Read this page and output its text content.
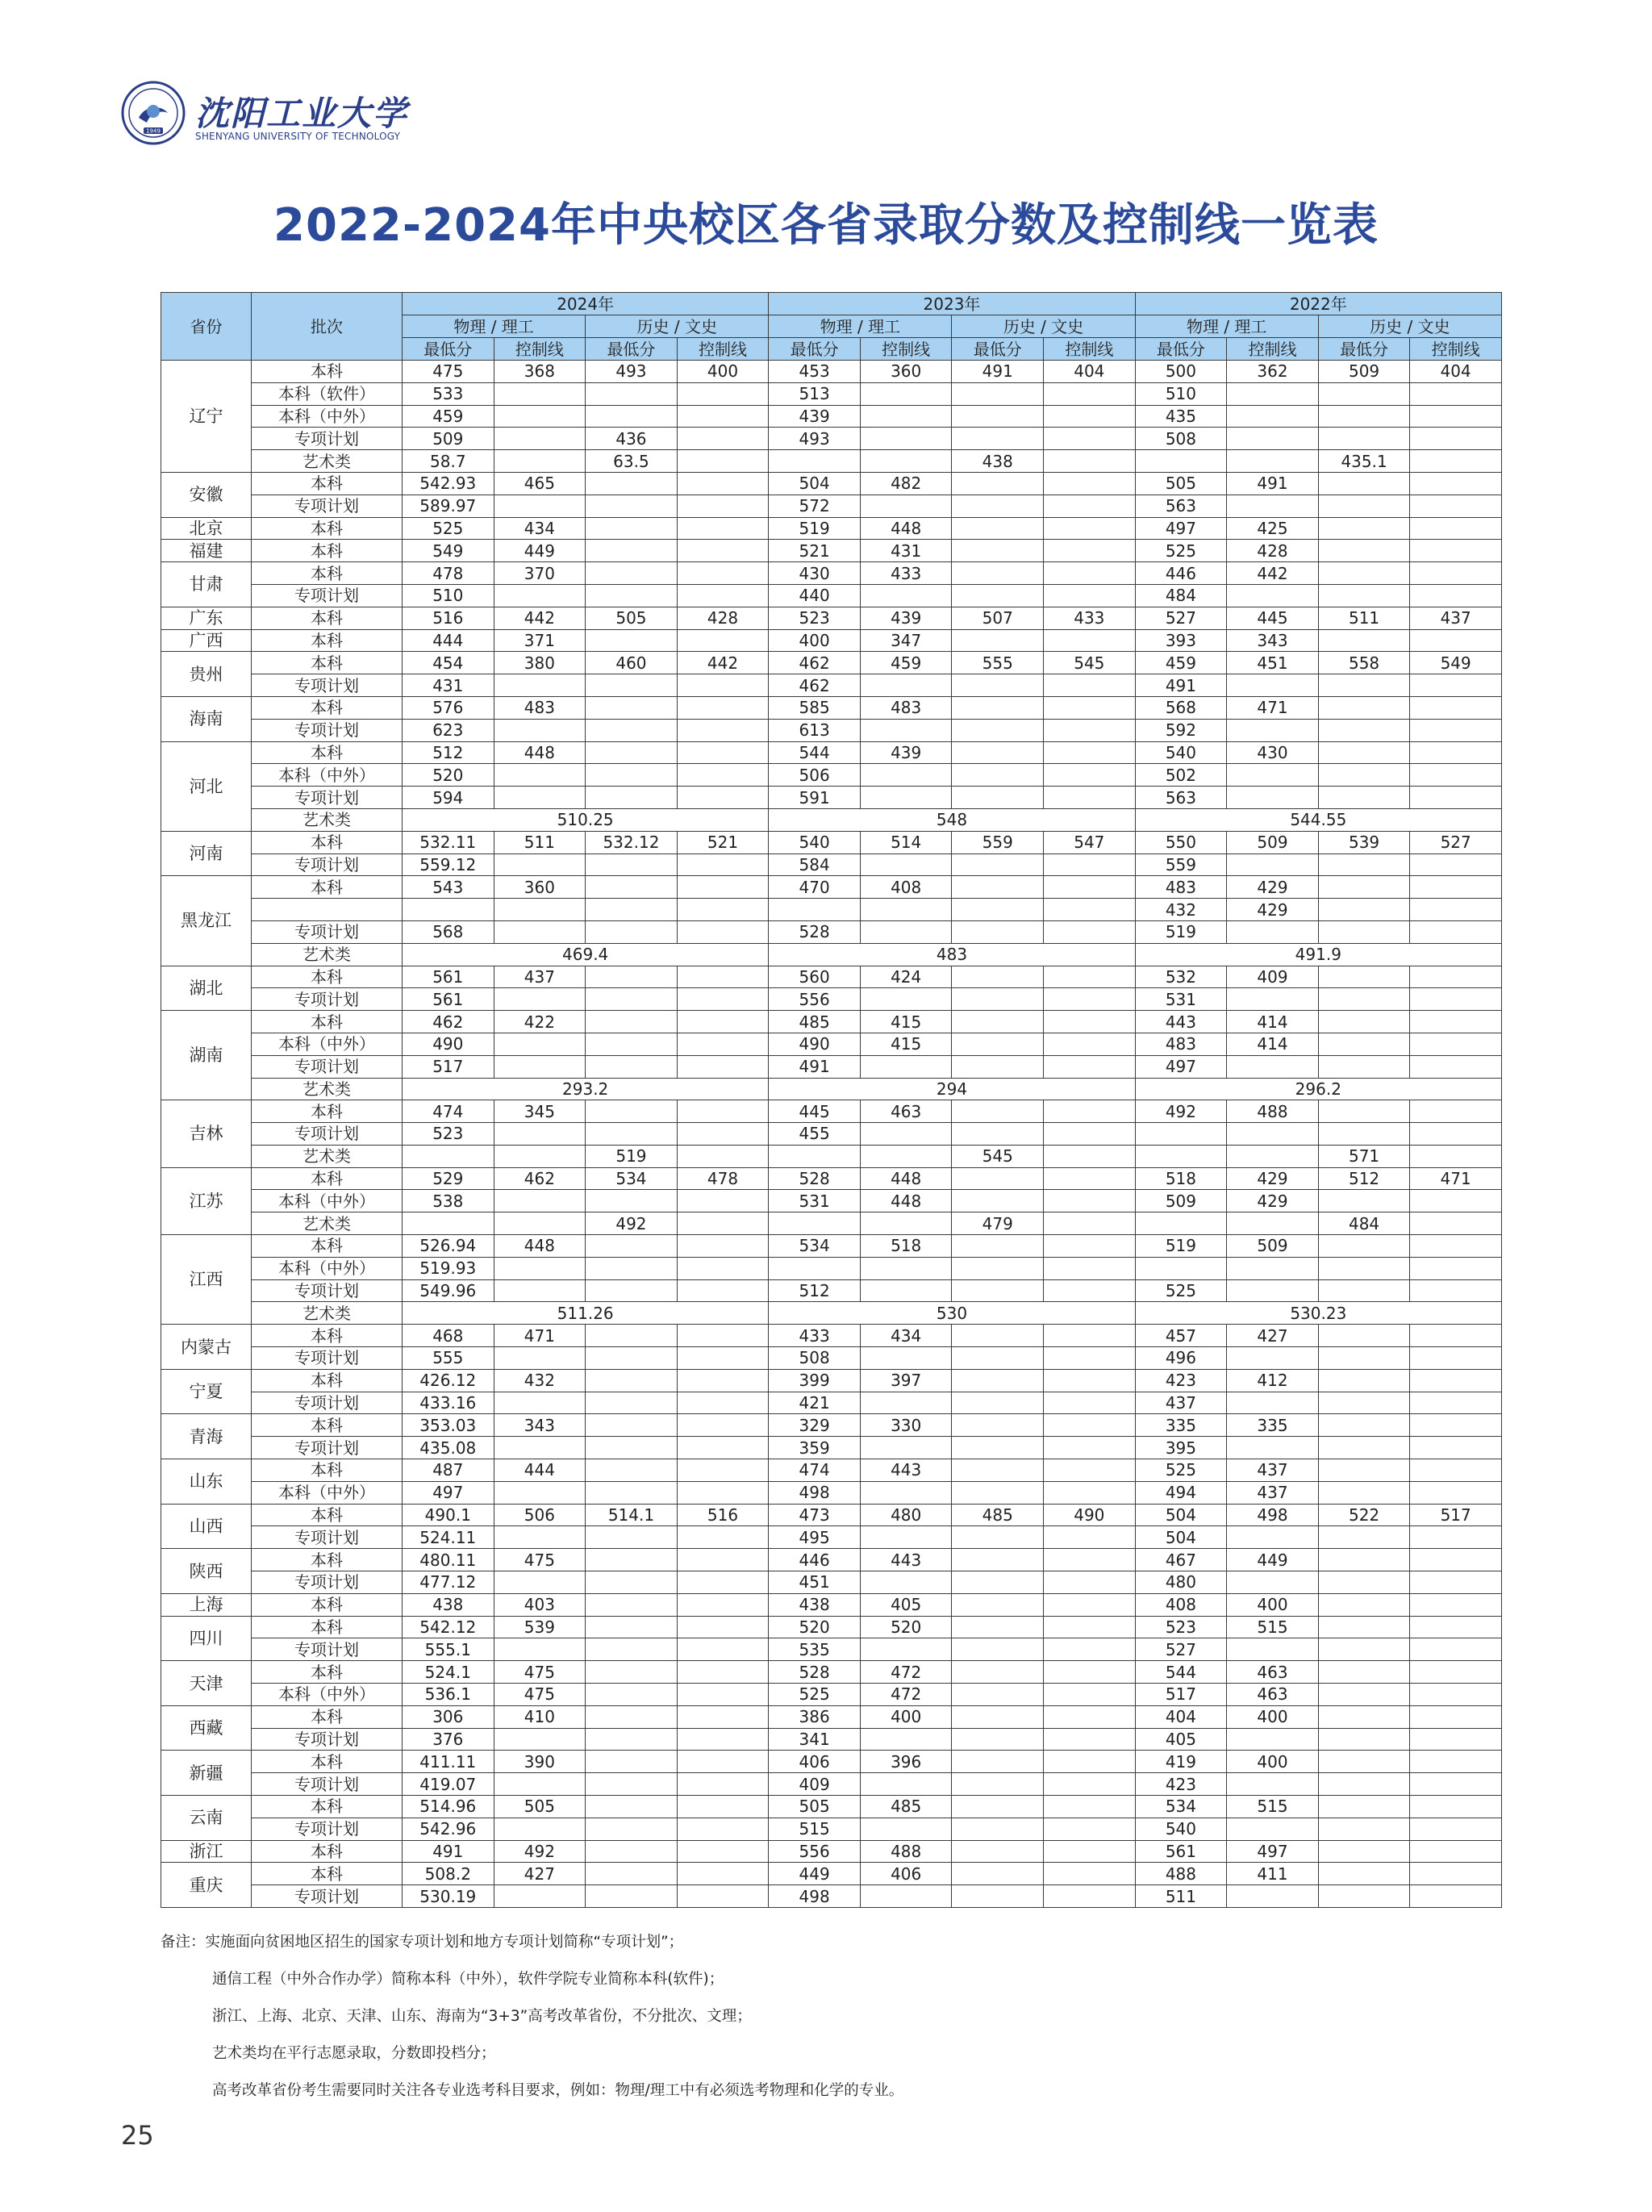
1949 沈阳工业大学
SHENYANG UNIVERSITY OF TECHNOLOGY
2022-2024年中央校区各省录取分数及控制线一览表
省份	批次	2024年				2023年				2022年			
		物理 / 理工		历史 / 文史		物理 / 理工		历史 / 文史		物理 / 理工		历史 / 文史	
		最低分	控制线	最低分	控制线	最低分	控制线	最低分	控制线	最低分	控制线	最低分	控制线
辽宁	本科	475	368	493	400	453	360	491	404	500	362	509	404
	本科（软件）	533				513				510			
	本科（中外）	459				439				435			
	专项计划	509		436		493				508			
	艺术类	58.7		63.5				438				435.1	
安徽	本科	542.93	465			504	482			505	491		
	专项计划	589.97				572				563			
北京	本科	525	434			519	448			497	425		
福建	本科	549	449			521	431			525	428		
甘肃	本科	478	370			430	433			446	442		
	专项计划	510				440				484			
广东	本科	516	442	505	428	523	439	507	433	527	445	511	437
广西	本科	444	371			400	347			393	343		
贵州	本科	454	380	460	442	462	459	555	545	459	451	558	549
	专项计划	431				462				491			
海南	本科	576	483			585	483			568	471		
	专项计划	623				613				592			
河北	本科	512	448			544	439			540	430		
	本科（中外）	520				506				502			
	专项计划	594				591				563			
	艺术类	510.25				548				544.55			
河南	本科	532.11	511	532.12	521	540	514	559	547	550	509	539	527
	专项计划	559.12				584				559			
黑龙江	本科	543	360			470	408			483	429		
										432	429		
	专项计划	568				528				519			
	艺术类	469.4				483				491.9			
湖北	本科	561	437			560	424			532	409		
	专项计划	561				556				531			
湖南	本科	462	422			485	415			443	414		
	本科（中外）	490				490	415			483	414		
	专项计划	517				491				497			
	艺术类	293.2				294				296.2			
吉林	本科	474	345			445	463			492	488		
	专项计划	523				455							
	艺术类			519				545				571	
江苏	本科	529	462	534	478	528	448			518	429	512	471
	本科（中外）	538				531	448			509	429		
	艺术类			492				479				484	
江西	本科	526.94	448			534	518			519	509		
	本科（中外）	519.93											
	专项计划	549.96				512				525			
	艺术类	511.26				530				530.23			
内蒙古	本科	468	471			433	434			457	427		
	专项计划	555				508				496			
宁夏	本科	426.12	432			399	397			423	412		
	专项计划	433.16				421				437			
青海	本科	353.03	343			329	330			335	335		
	专项计划	435.08				359				395			
山东	本科	487	444			474	443			525	437		
	本科（中外）	497				498				494	437		
山西	本科	490.1	506	514.1	516	473	480	485	490	504	498	522	517
	专项计划	524.11				495				504			
陕西	本科	480.11	475			446	443			467	449		
	专项计划	477.12				451				480			
上海	本科	438	403			438	405			408	400		
四川	本科	542.12	539			520	520			523	515		
	专项计划	555.1				535				527			
天津	本科	524.1	475			528	472			544	463		
	本科（中外）	536.1	475			525	472			517	463		
西藏	本科	306	410			386	400			404	400		
	专项计划	376				341				405			
新疆	本科	411.11	390			406	396			419	400		
	专项计划	419.07				409				423			
云南	本科	514.96	505			505	485			534	515		
	专项计划	542.96				515				540			
浙江	本科	491	492			556	488			561	497		
重庆	本科	508.2	427			449	406			488	411		
	专项计划	530.19				498				511			
备注：实施面向贫困地区招生的国家专项计划和地方专项计划简称“专项计划”；
通信工程（中外合作办学）简称本科（中外），软件学院专业简称本科(软件)；
浙江、上海、北京、天津、山东、海南为“3+3”高考改革省份，不分批次、文理；
艺术类均在平行志愿录取，分数即投档分；
高考改革省份考生需要同时关注各专业选考科目要求，例如：物理/理工中有必须选考物理和化学的专业。
25
